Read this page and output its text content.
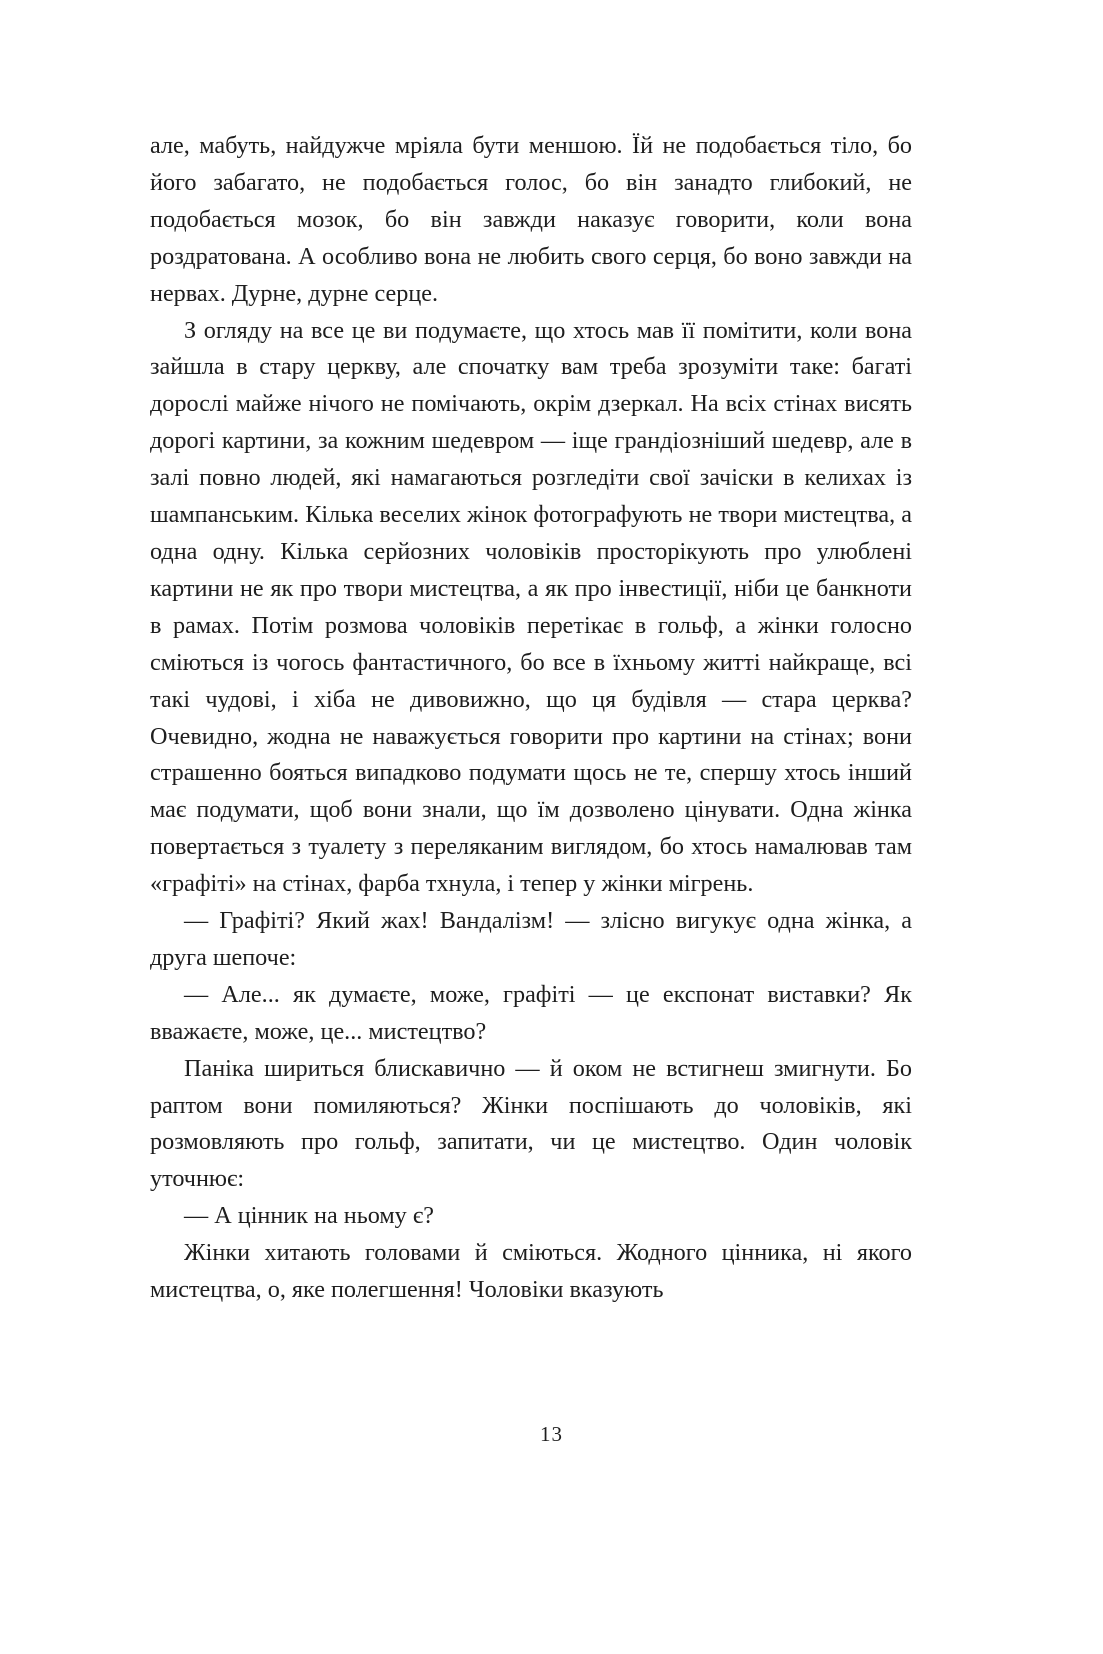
але, мабуть, найдужче мріяла бути меншою. Їй не подобається тіло, бо його забагато, не подобається голос, бо він занадто глибокий, не подобається мозок, бо він завжди наказує говорити, коли вона роздратована. А особливо вона не любить свого серця, бо воно завжди на нервах. Дурне, дурне серце.

З огляду на все це ви подумаєте, що хтось мав її помітити, коли вона зайшла в стару церкву, але спочатку вам треба зрозуміти таке: багаті дорослі майже нічого не помічають, окрім дзеркал. На всіх стінах висять дорогі картини, за кожним шедевром — іще грандіозніший шедевр, але в залі повно людей, які намагаються розгледіти свої зачіски в келихах із шампанським. Кілька веселих жінок фотографують не твори мистецтва, а одна одну. Кілька серйозних чоловіків просторікують про улюблені картини не як про твори мистецтва, а як про інвестиції, ніби це банкноти в рамах. Потім розмова чоловіків перетікає в гольф, а жінки голосно сміються із чогось фантастичного, бо все в їхньому житті найкраще, всі такі чудові, і хіба не дивовижно, що ця будівля — стара церква? Очевидно, жодна не наважується говорити про картини на стінах; вони страшенно бояться випадково подумати щось не те, спершу хтось інший має подумати, щоб вони знали, що їм дозволено цінувати. Одна жінка повертається з туалету з переляканим виглядом, бо хтось намалював там «графіті» на стінах, фарба тхнула, і тепер у жінки мігрень.

— Графіті? Який жах! Вандалізм! — злісно вигукує одна жінка, а друга шепоче:

— Але... як думаєте, може, графіті — це експонат виставки? Як вважаєте, може, це... мистецтво?

Паніка шириться блискавично — й оком не встигнеш змигнути. Бо раптом вони помиляються? Жінки поспішають до чоловіків, які розмовляють про гольф, запитати, чи це мистецтво. Один чоловік уточнює:

— А цінник на ньому є?

Жінки хитають головами й сміються. Жодного цінника, ні якого мистецтва, о, яке полегшення! Чоловіки вказують

13
